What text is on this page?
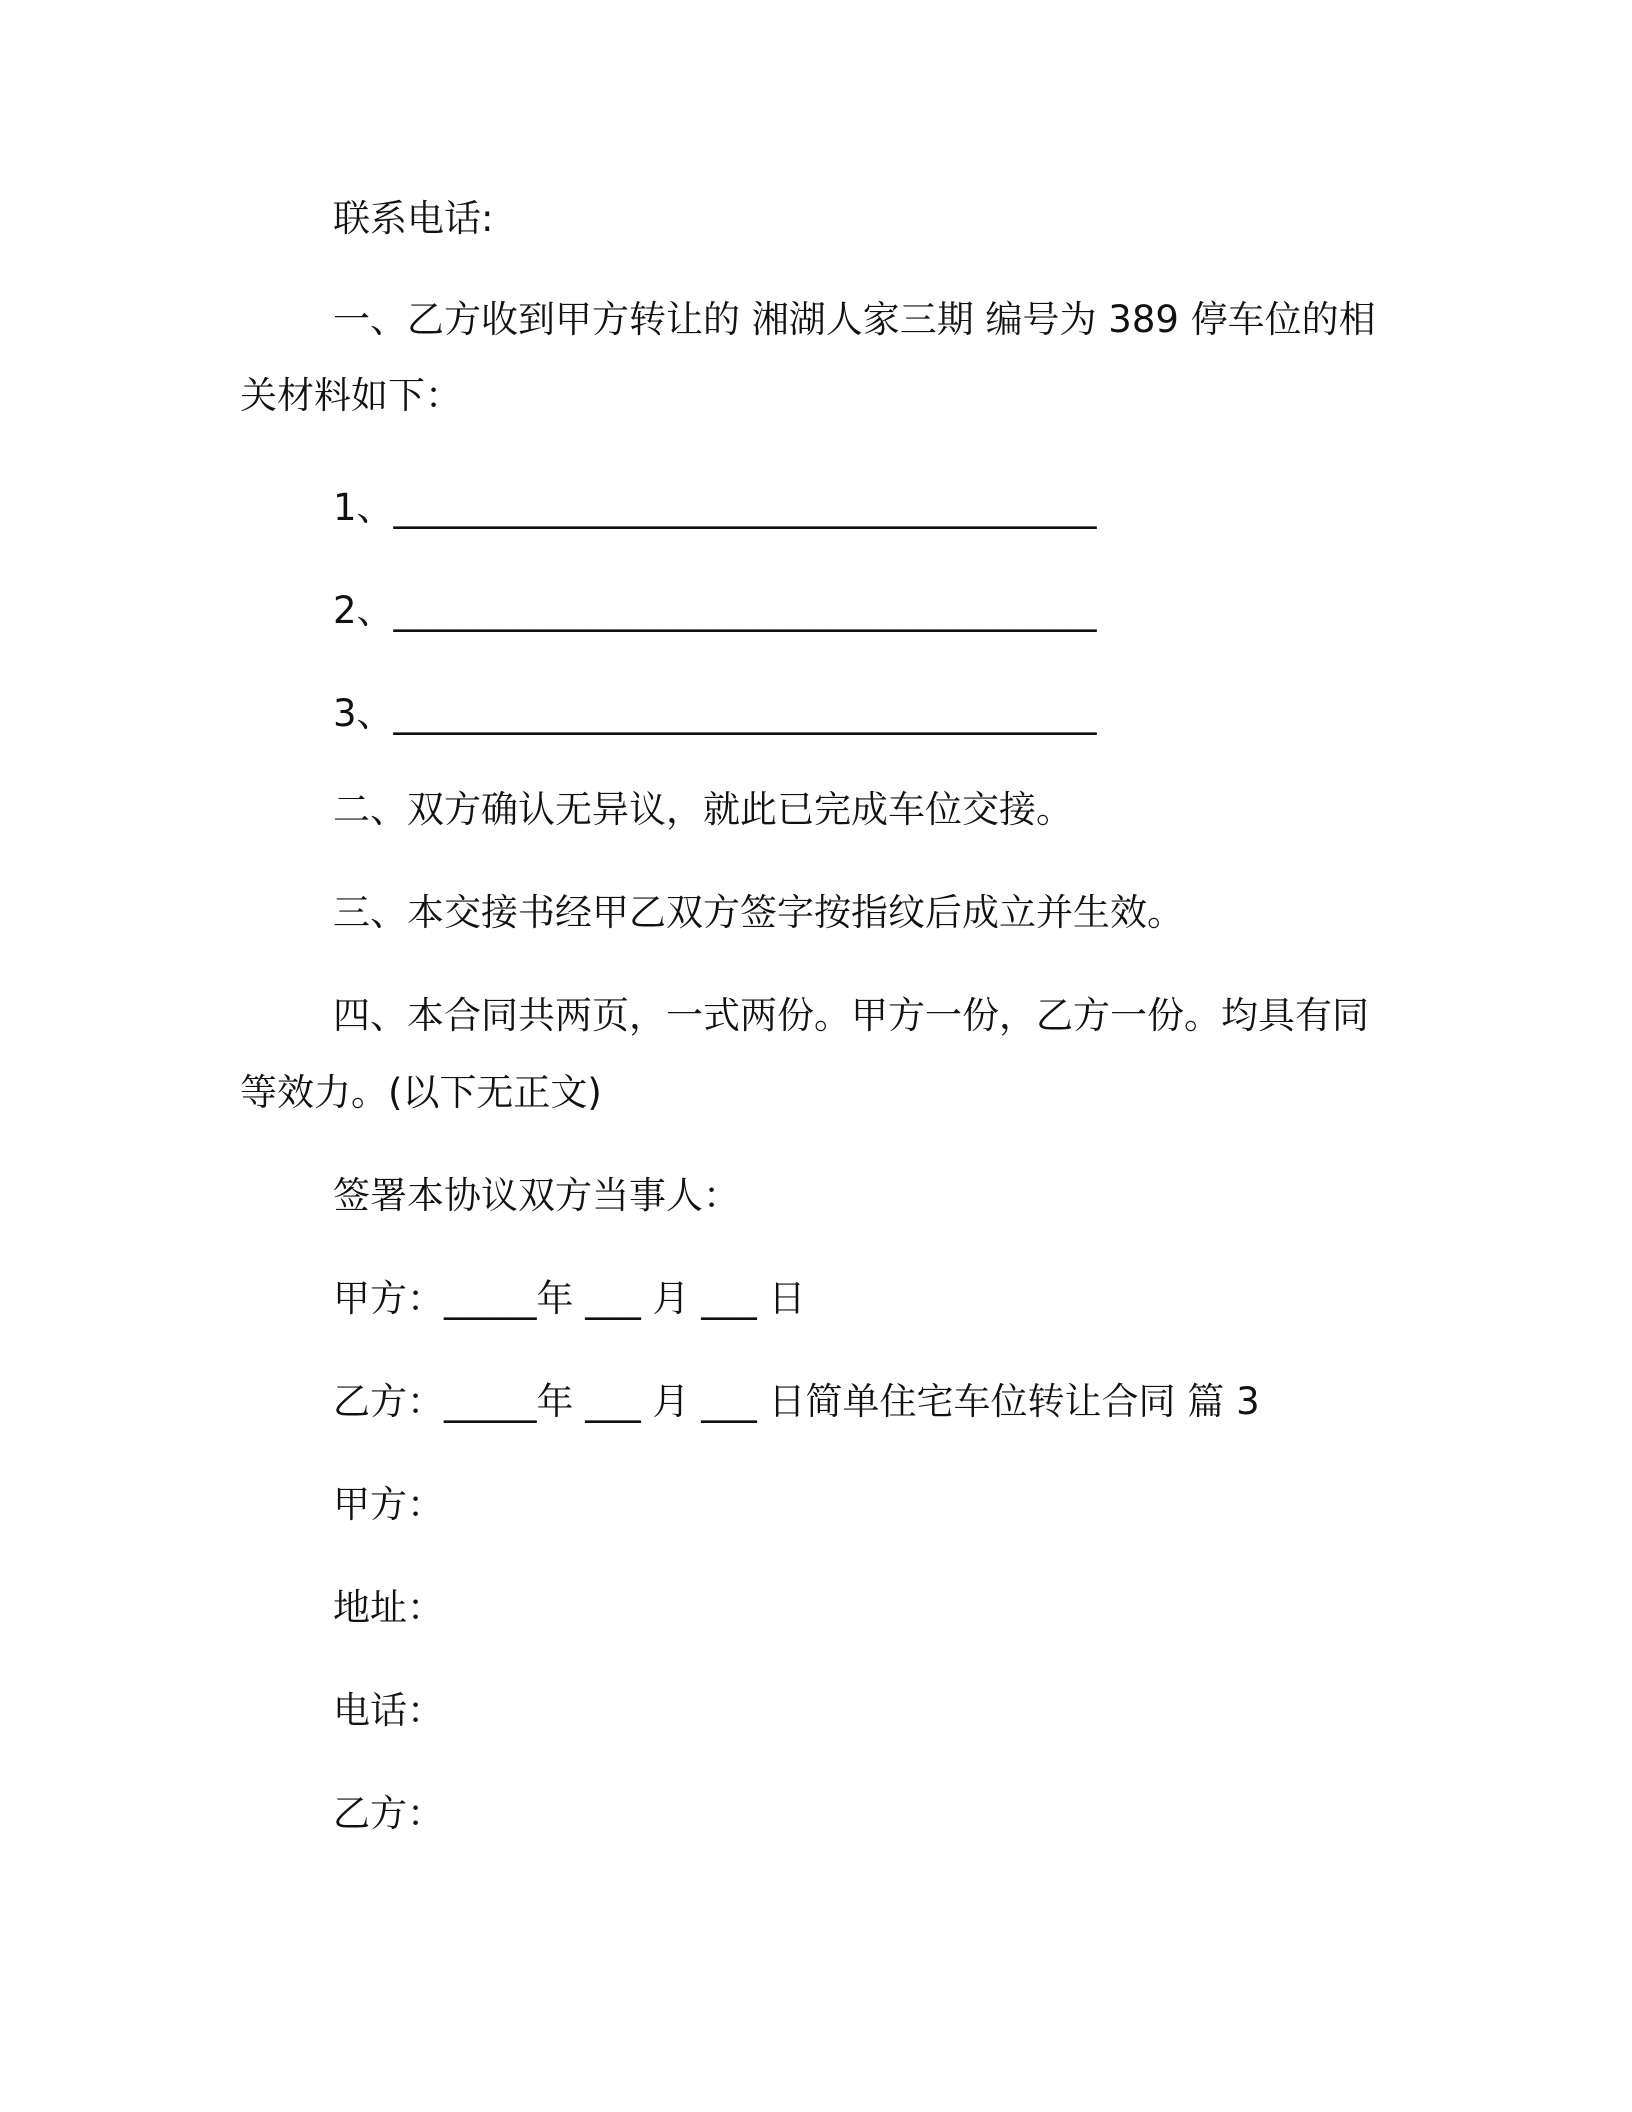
联系电话:
一、乙方收到甲方转让的 湘湖人家三期 编号为 389 停车位的相
关材料如下：
1、______________________________________
2、______________________________________
3、______________________________________
二、双方确认无异议，就此已完成车位交接。
三、本交接书经甲乙双方签字按指纹后成立并生效。
四、本合同共两页，一式两份。甲方一份，乙方一份。均具有同
等效力。(以下无正文)
签署本协议双方当事人：
甲方：_____年 ___ 月 ___ 日
乙方：_____年 ___ 月 ___ 日简单住宅车位转让合同 篇 3
甲方：
地址：
电话：
乙方：
